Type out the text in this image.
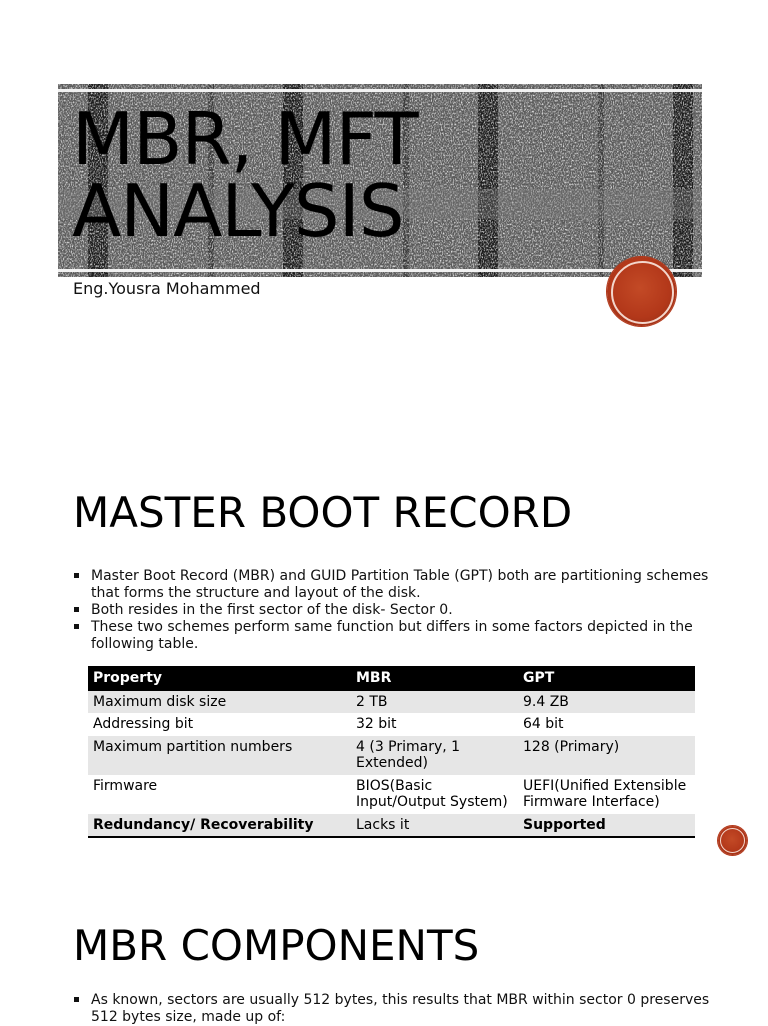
MBR, MFT ANALYSIS
Eng.Yousra Mohammed
MASTER BOOT RECORD
Master Boot Record (MBR) and GUID Partition Table (GPT) both are partitioning schemes that forms the structure and layout of the disk.
Both resides in the first sector of the disk- Sector 0.
These two schemes perform same function but differs in some factors depicted in the following table.
Property	MBR	GPT
Maximum disk size	2 TB	9.4 ZB
Addressing bit	32 bit	64 bit
Maximum partition numbers	4 (3 Primary, 1 Extended)	128 (Primary)
Firmware	BIOS(Basic Input/Output System)	UEFI(Unified Extensible Firmware Interface)
Redundancy/ Recoverability	Lacks it	Supported
MBR COMPONENTS
As known, sectors are usually 512 bytes, this results that MBR within sector 0 preserves 512 bytes size, made up of:
